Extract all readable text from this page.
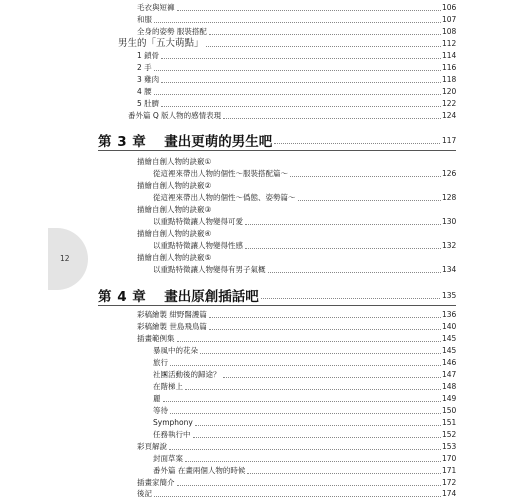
12
毛衣與短褲	106
和服	107
全身的姿勢 服裝搭配	108
男生的「五大萌點」	112
1 鎖骨	114
2 手	116
3 雞肉	118
4 腰	120
5 肚臍	122
番外篇 Q 版人物的感情表現	124
第 3 章 畫出更萌的男生吧	117
描繪自創人物的訣竅①
從這裡來帶出人物的個性～服裝搭配篇～	126
描繪自創人物的訣竅②
從這裡來帶出人物的個性～僞態、姿勢篇～	128
描繪自創人物的訣竅③
以重點特徵讓人物變得可愛	130
描繪自創人物的訣竅④
以重點特徵讓人物變得性感	132
描繪自創人物的訣竅⑤
以重點特徵讓人物變得有男子氣概	134
第 4 章 畫出原創插話吧	135
彩稿繪製 紺野醫護篇	136
彩稿繪製 世島飛鳥篇	140
插畫範例集	145
暴風中的花朵	145
旅行	146
社團活動後的歸途？	147
在階梯上	148
麗	149
等待	150
Symphony	151
任務執行中	152
彩頁解說	153
封面草案	170
番外篇 在畫兩個人物的時候	171
插畫家簡介	172
後記	174
